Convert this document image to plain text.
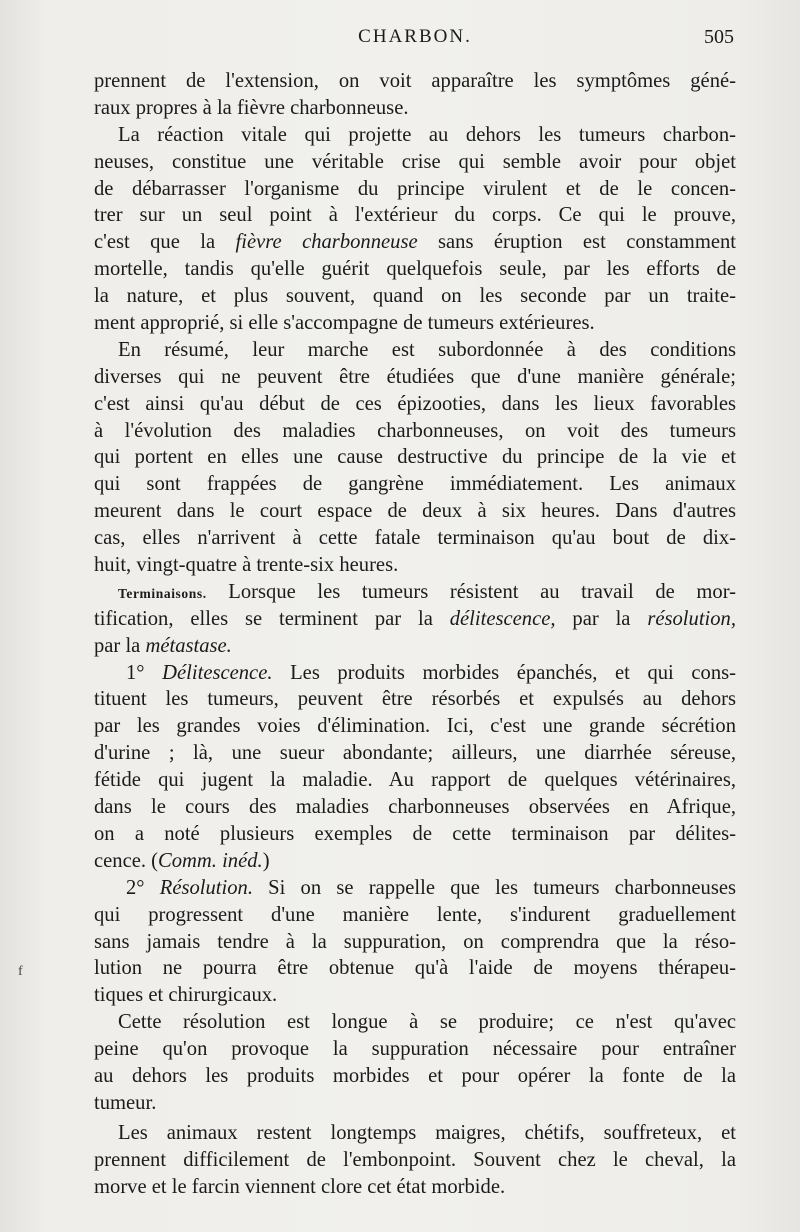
CHARBON.	505
f
prennent de l'extension, on voit apparaître les symptômes géné-
raux propres à la fièvre charbonneuse.
La réaction vitale qui projette au dehors les tumeurs charbon-
neuses, constitue une véritable crise qui semble avoir pour objet
de débarrasser l'organisme du principe virulent et de le concen-
trer sur un seul point à l'extérieur du corps. Ce qui le prouve,
c'est que la fièvre charbonneuse sans éruption est constamment
mortelle, tandis qu'elle guérit quelquefois seule, par les efforts de
la nature, et plus souvent, quand on les seconde par un traite-
ment approprié, si elle s'accompagne de tumeurs extérieures.
En résumé, leur marche est subordonnée à des conditions
diverses qui ne peuvent être étudiées que d'une manière générale;
c'est ainsi qu'au début de ces épizooties, dans les lieux favorables
à l'évolution des maladies charbonneuses, on voit des tumeurs
qui portent en elles une cause destructive du principe de la vie et
qui sont frappées de gangrène immédiatement. Les animaux
meurent dans le court espace de deux à six heures. Dans d'autres
cas, elles n'arrivent à cette fatale terminaison qu'au bout de dix-
huit, vingt-quatre à trente-six heures.
Terminaisons. Lorsque les tumeurs résistent au travail de mor-
tification, elles se terminent par la délitescence, par la résolution,
par la métastase.
1° Délitescence. Les produits morbides épanchés, et qui cons-
tituent les tumeurs, peuvent être résorbés et expulsés au dehors
par les grandes voies d'élimination. Ici, c'est une grande sécrétion
d'urine ; là, une sueur abondante; ailleurs, une diarrhée séreuse,
fétide qui jugent la maladie. Au rapport de quelques vétérinaires,
dans le cours des maladies charbonneuses observées en Afrique,
on a noté plusieurs exemples de cette terminaison par délites-
cence. (Comm. inéd.)
2° Résolution. Si on se rappelle que les tumeurs charbonneuses
qui progressent d'une manière lente, s'indurent graduellement
sans jamais tendre à la suppuration, on comprendra que la réso-
lution ne pourra être obtenue qu'à l'aide de moyens thérapeu-
tiques et chirurgicaux.
Cette résolution est longue à se produire; ce n'est qu'avec
peine qu'on provoque la suppuration nécessaire pour entraîner
au dehors les produits morbides et pour opérer la fonte de la
tumeur.
Les animaux restent longtemps maigres, chétifs, souffreteux, et
prennent difficilement de l'embonpoint. Souvent chez le cheval, la
morve et le farcin viennent clore cet état morbide.
